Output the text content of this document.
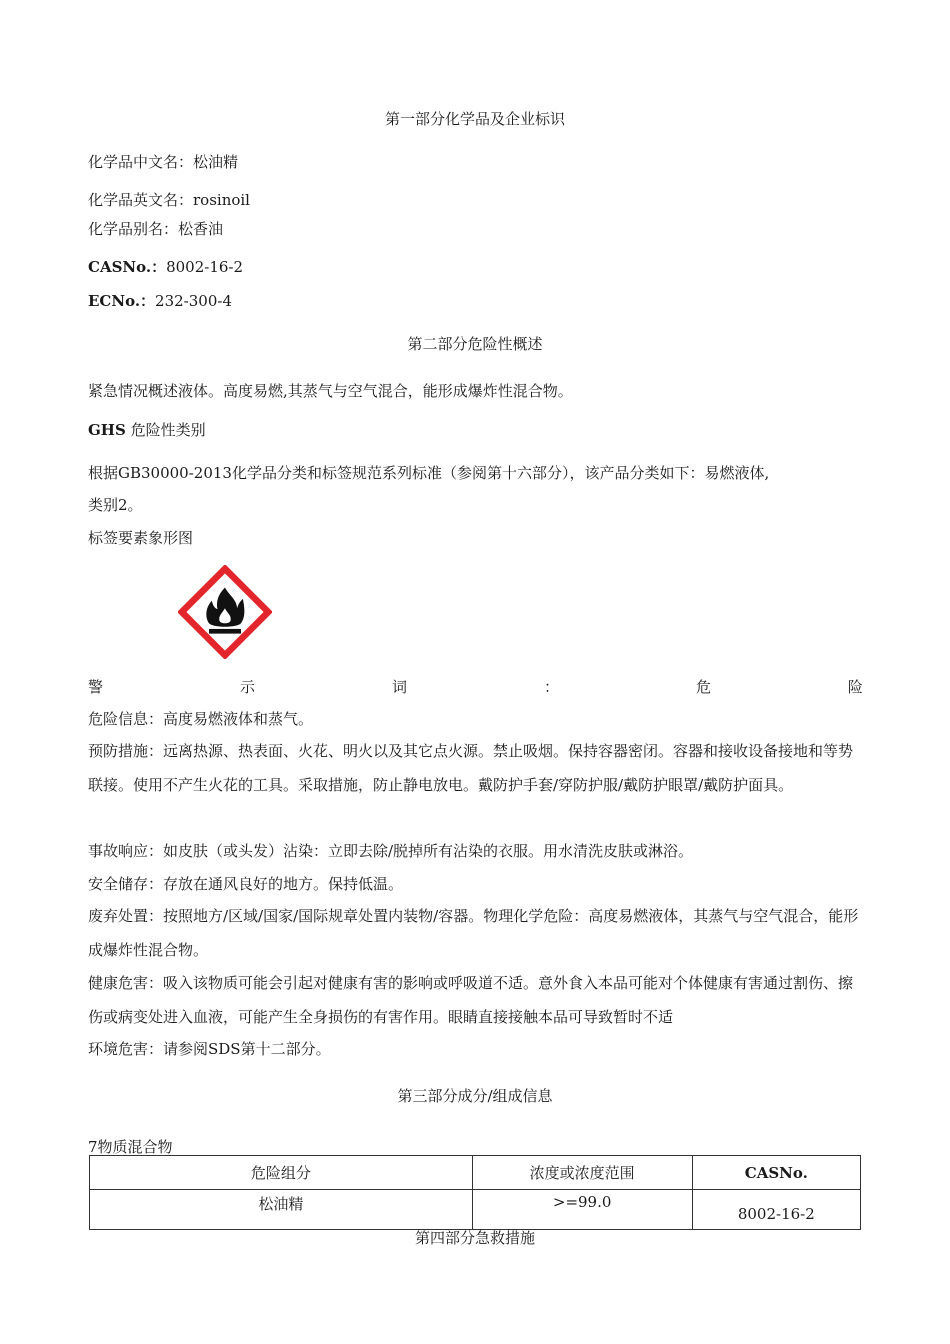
第一部分化学品及企业标识
化学品中文名：松油精
化学品英文名：rosinoil
化学品别名：松香油
CASNo.：8002-16-2
ECNo.：232-300-4
第二部分危险性概述
紧急情况概述液体。高度易燃,其蒸气与空气混合，能形成爆炸性混合物。
GHS 危险性类别
根据GB30000-2013化学品分类和标签规范系列标准（参阅第十六部分），该产品分类如下：易燃液体,
类别2。
标签要素象形图
警	示	词	：	危	险
危险信息：高度易燃液体和蒸气。
预防措施：远离热源、热表面、火花、明火以及其它点火源。禁止吸烟。保持容器密闭。容器和接收设备接地和等势联接。使用不产生火花的工具。采取措施，防止静电放电。戴防护手套/穿防护服/戴防护眼罩/戴防护面具。
事故响应：如皮肤（或头发）沾染：立即去除/脱掉所有沾染的衣服。用水清洗皮肤或淋浴。
安全储存：存放在通风良好的地方。保持低温。
废弃处置：按照地方/区域/国家/国际规章处置内装物/容器。物理化学危险：高度易燃液体，其蒸气与空气混合，能形成爆炸性混合物。
健康危害：吸入该物质可能会引起对健康有害的影响或呼吸道不适。意外食入本品可能对个体健康有害通过割伤、擦伤或病变处进入血液，可能产生全身损伤的有害作用。眼睛直接接触本品可导致暂时不适
环境危害：请参阅SDS第十二部分。
第三部分成分/组成信息
7物质混合物
危险组分	浓度或浓度范围	CASNo.
松油精	>=99.0	8002-16-2
第四部分急救措施
